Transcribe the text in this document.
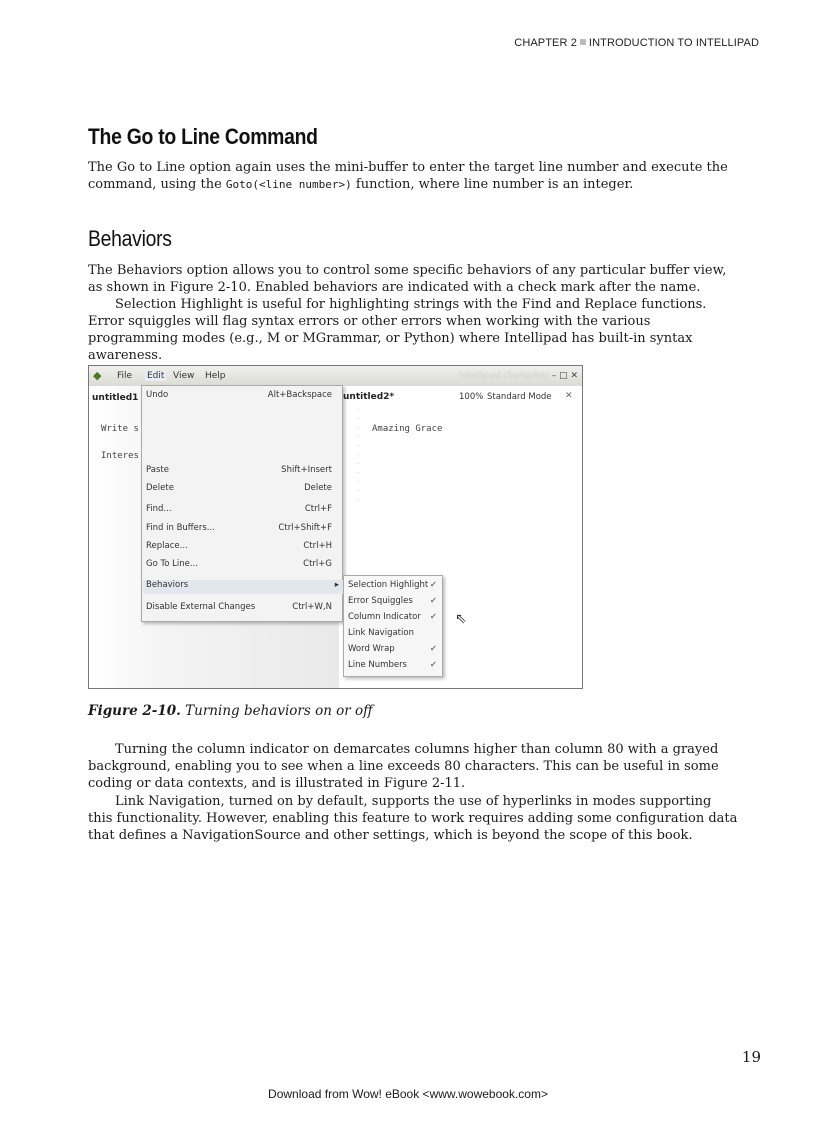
CHAPTER 2 INTRODUCTION TO INTELLIPAD
The Go to Line Command

The Go to Line option again uses the mini-buffer to enter the target line number and execute the command, using the Goto(<line number>) function, where line number is an integer.

Behaviors

The Behaviors option allows you to control some specific behaviors of any particular buffer view, as shown in Figure 2-10. Enabled behaviors are indicated with a check mark after the name.

Selection Highlight is useful for highlighting strings with the Find and Replace functions. Error squiggles will flag syntax errors or other errors when working with the various programming modes (e.g., M or MGrammar, or Python) where Intellipad has built-in syntax awareness.

◆ File Edit View Help	Intellipad (Samples) – □ ✕
untitled1
Write s
Interes
untitled2*	100% Standard Mode ✕
·
·
·
·
·
·
·
·
·
·
·
Amazing Grace
Undo	Alt+Backspace
Paste	Shift+Insert
Delete	Delete
Find...	Ctrl+F
Find in Buffers...	Ctrl+Shift+F
Replace...	Ctrl+H
Go To Line...	Ctrl+G
Behaviors	▸
Disable External Changes	Ctrl+W,N
Selection Highlight ✓
Error Squiggles ✓
Column Indicator ✓
Link Navigation
Word Wrap	✓
Line Numbers	✓
⇖
Figure 2-10. Turning behaviors on or off

Turning the column indicator on demarcates columns higher than column 80 with a grayed background, enabling you to see when a line exceeds 80 characters. This can be useful in some coding or data contexts, and is illustrated in Figure 2-11.

Link Navigation, turned on by default, supports the use of hyperlinks in modes supporting this functionality. However, enabling this feature to work requires adding some configuration data that defines a NavigationSource and other settings, which is beyond the scope of this book.

19
Download from Wow! eBook <www.wowebook.com>
